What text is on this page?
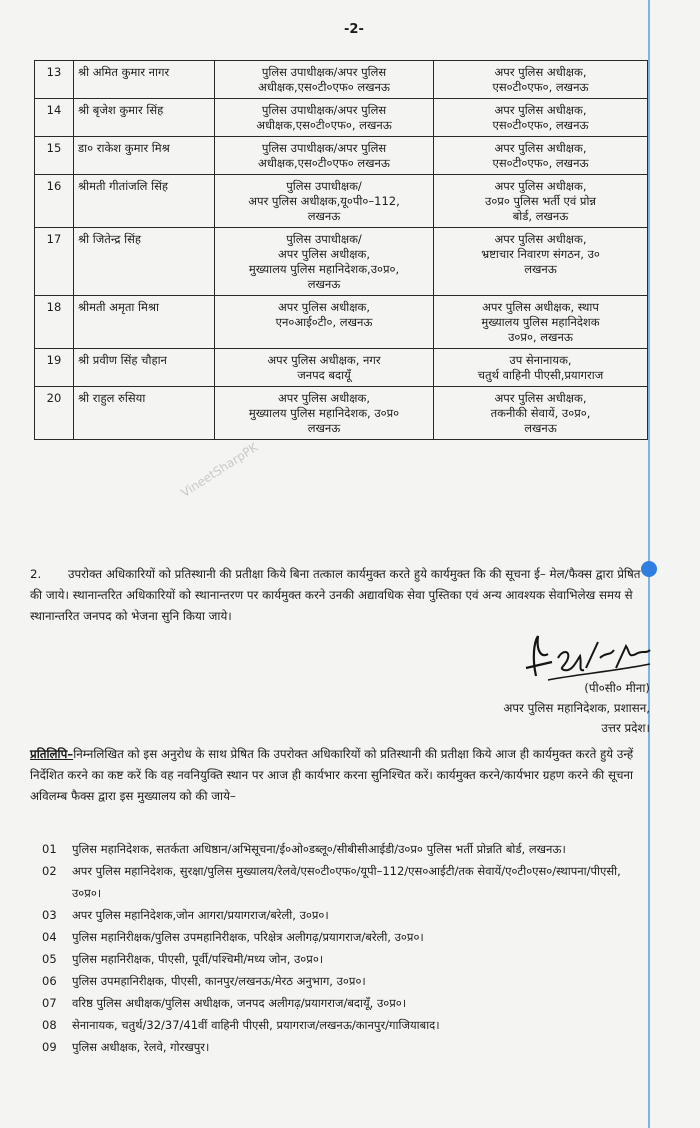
-2-
13	श्री अमित कुमार नागर	पुलिस उपाधीक्षक/अपर पुलिस
अधीक्षक,एस०टी०एफ० लखनऊ	अपर पुलिस अधीक्षक,
एस०टी०एफ०, लखनऊ

14	श्री बृजेश कुमार सिंह	पुलिस उपाधीक्षक/अपर पुलिस
अधीक्षक,एस०टी०एफ०, लखनऊ	अपर पुलिस अधीक्षक,
एस०टी०एफ०, लखनऊ

15	डा० राकेश कुमार मिश्र	पुलिस उपाधीक्षक/अपर पुलिस
अधीक्षक,एस०टी०एफ० लखनऊ	अपर पुलिस अधीक्षक,
एस०टी०एफ०, लखनऊ

16	श्रीमती गीतांजलि सिंह	पुलिस उपाधीक्षक/
अपर पुलिस अधीक्षक,यू०पी०–112,
लखनऊ	अपर पुलिस अधीक्षक,
उ०प्र० पुलिस भर्ती एवं प्रोन्न
बोर्ड, लखनऊ

17	श्री जितेन्द्र सिंह	पुलिस उपाधीक्षक/
अपर पुलिस अधीक्षक,
मुख्यालय पुलिस महानिदेशक,उ०प्र०,
लखनऊ	अपर पुलिस अधीक्षक,
भ्रष्टाचार निवारण संगठन, उ०
लखनऊ

18	श्रीमती अमृता मिश्रा	अपर पुलिस अधीक्षक,
एन०आई०टी०, लखनऊ	अपर पुलिस अधीक्षक, स्थाप
मुख्यालय पुलिस महानिदेशक
उ०प्र०, लखनऊ

19	श्री प्रवीण सिंह चौहान	अपर पुलिस अधीक्षक, नगर
जनपद बदायूँ	उप सेनानायक,
चतुर्थ वाहिनी पीएसी,प्रयागराज

20	श्री राहुल रुसिया	अपर पुलिस अधीक्षक,
मुख्यालय पुलिस महानिदेशक, उ०प्र०
लखनऊ	अपर पुलिस अधीक्षक,
तकनीकी सेवायें, उ०प्र०,
लखनऊ
VineetSharpPK
2. उपरोक्त अधिकारियों को प्रतिस्थानी की प्रतीक्षा किये बिना तत्काल कार्यमुक्त करते हुये कार्यमुक्त कि की सूचना ई– मेल/फैक्स द्वारा प्रेषित की जाये। स्थानान्तरित अधिकारियों को स्थानान्तरण पर कार्यमुक्त करने उनकी अद्यावधिक सेवा पुस्तिका एवं अन्य आवश्यक सेवाभिलेख समय से स्थानान्तरित जनपद को भेजना सुनि किया जाये।
(पी०सी० मीना)
अपर पुलिस महानिदेशक, प्रशासन,
उत्तर प्रदेश।
प्रतिलिपि–निम्नलिखित को इस अनुरोध के साथ प्रेषित कि उपरोक्त अधिकारियों को प्रतिस्थानी की प्रतीक्षा किये आज ही कार्यमुक्त करते हुये उन्हें निर्देशित करने का कष्ट करें कि वह नवनियुक्ति स्थान पर आज ही कार्यभार करना सुनिश्चित करें। कार्यमुक्त करने/कार्यभार ग्रहण करने की सूचना अविलम्ब फैक्स द्वारा इस मुख्यालय को की जाये–
01	पुलिस महानिदेशक, सतर्कता अधिष्ठान/अभिसूचना/ई०ओ०डब्लू०/सीबीसीआईडी/उ०प्र० पुलिस भर्ती प्रोन्नति बोर्ड, लखनऊ।
02	अपर पुलिस महानिदेशक, सुरक्षा/पुलिस मुख्यालय/रेलवे/एस०टी०एफ०/यूपी–112/एस०आईटी/तक सेवायें/ए०टी०एस०/स्थापना/पीएसी, उ०प्र०।
03	अपर पुलिस महानिदेशक,जोन आगरा/प्रयागराज/बरेली, उ०प्र०।
04	पुलिस महानिरीक्षक/पुलिस उपमहानिरीक्षक, परिक्षेत्र अलीगढ़/प्रयागराज/बरेली, उ०प्र०।
05	पुलिस महानिरीक्षक, पीएसी, पूर्वी/पश्चिमी/मध्य जोन, उ०प्र०।
06	पुलिस उपमहानिरीक्षक, पीएसी, कानपुर/लखनऊ/मेरठ अनुभाग, उ०प्र०।
07	वरिष्ठ पुलिस अधीक्षक/पुलिस अधीक्षक, जनपद अलीगढ़/प्रयागराज/बदायूँ, उ०प्र०।
08	सेनानायक, चतुर्थ/32/37/41वीं वाहिनी पीएसी, प्रयागराज/लखनऊ/कानपुर/गाजियाबाद।
09	पुलिस अधीक्षक, रेलवे, गोरखपुर।
